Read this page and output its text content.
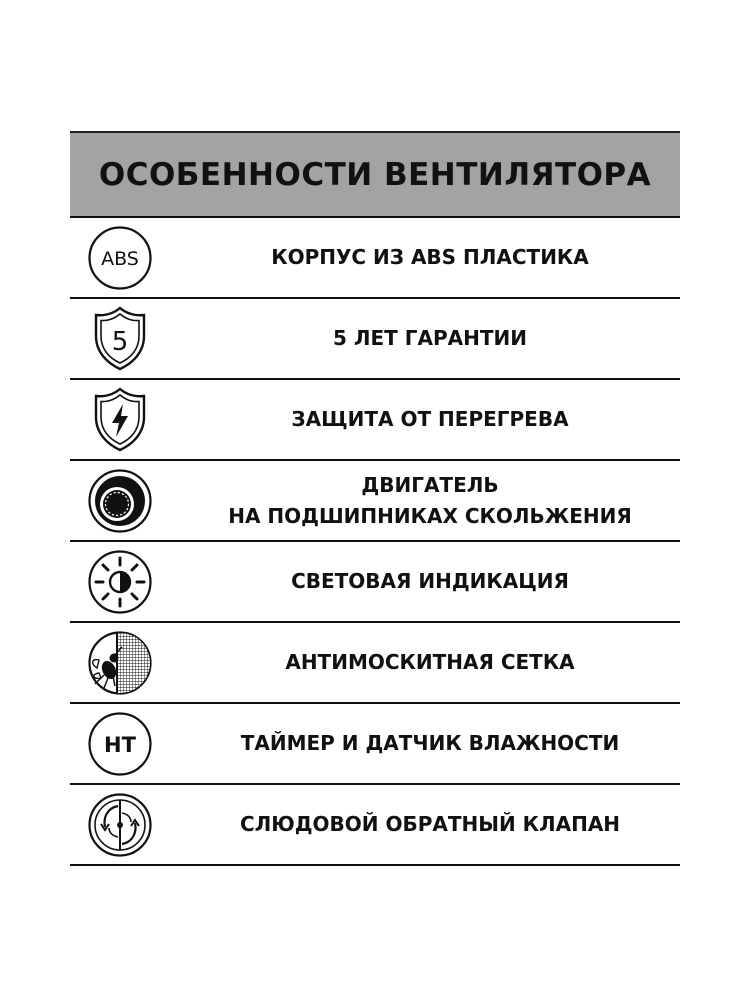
ОСОБЕННОСТИ ВЕНТИЛЯТОРА
ABS	КОРПУС ИЗ ABS ПЛАСТИКА
5	5 ЛЕТ ГАРАНТИИ
ЗАЩИТА ОТ ПЕРЕГРЕВА
ДВИГАТЕЛЬ
НА ПОДШИПНИКАХ СКОЛЬЖЕНИЯ
СВЕТОВАЯ ИНДИКАЦИЯ
АНТИМОСКИТНАЯ СЕТКА
HT	ТАЙМЕР И ДАТЧИК ВЛАЖНОСТИ
СЛЮДОВОЙ ОБРАТНЫЙ КЛАПАН
